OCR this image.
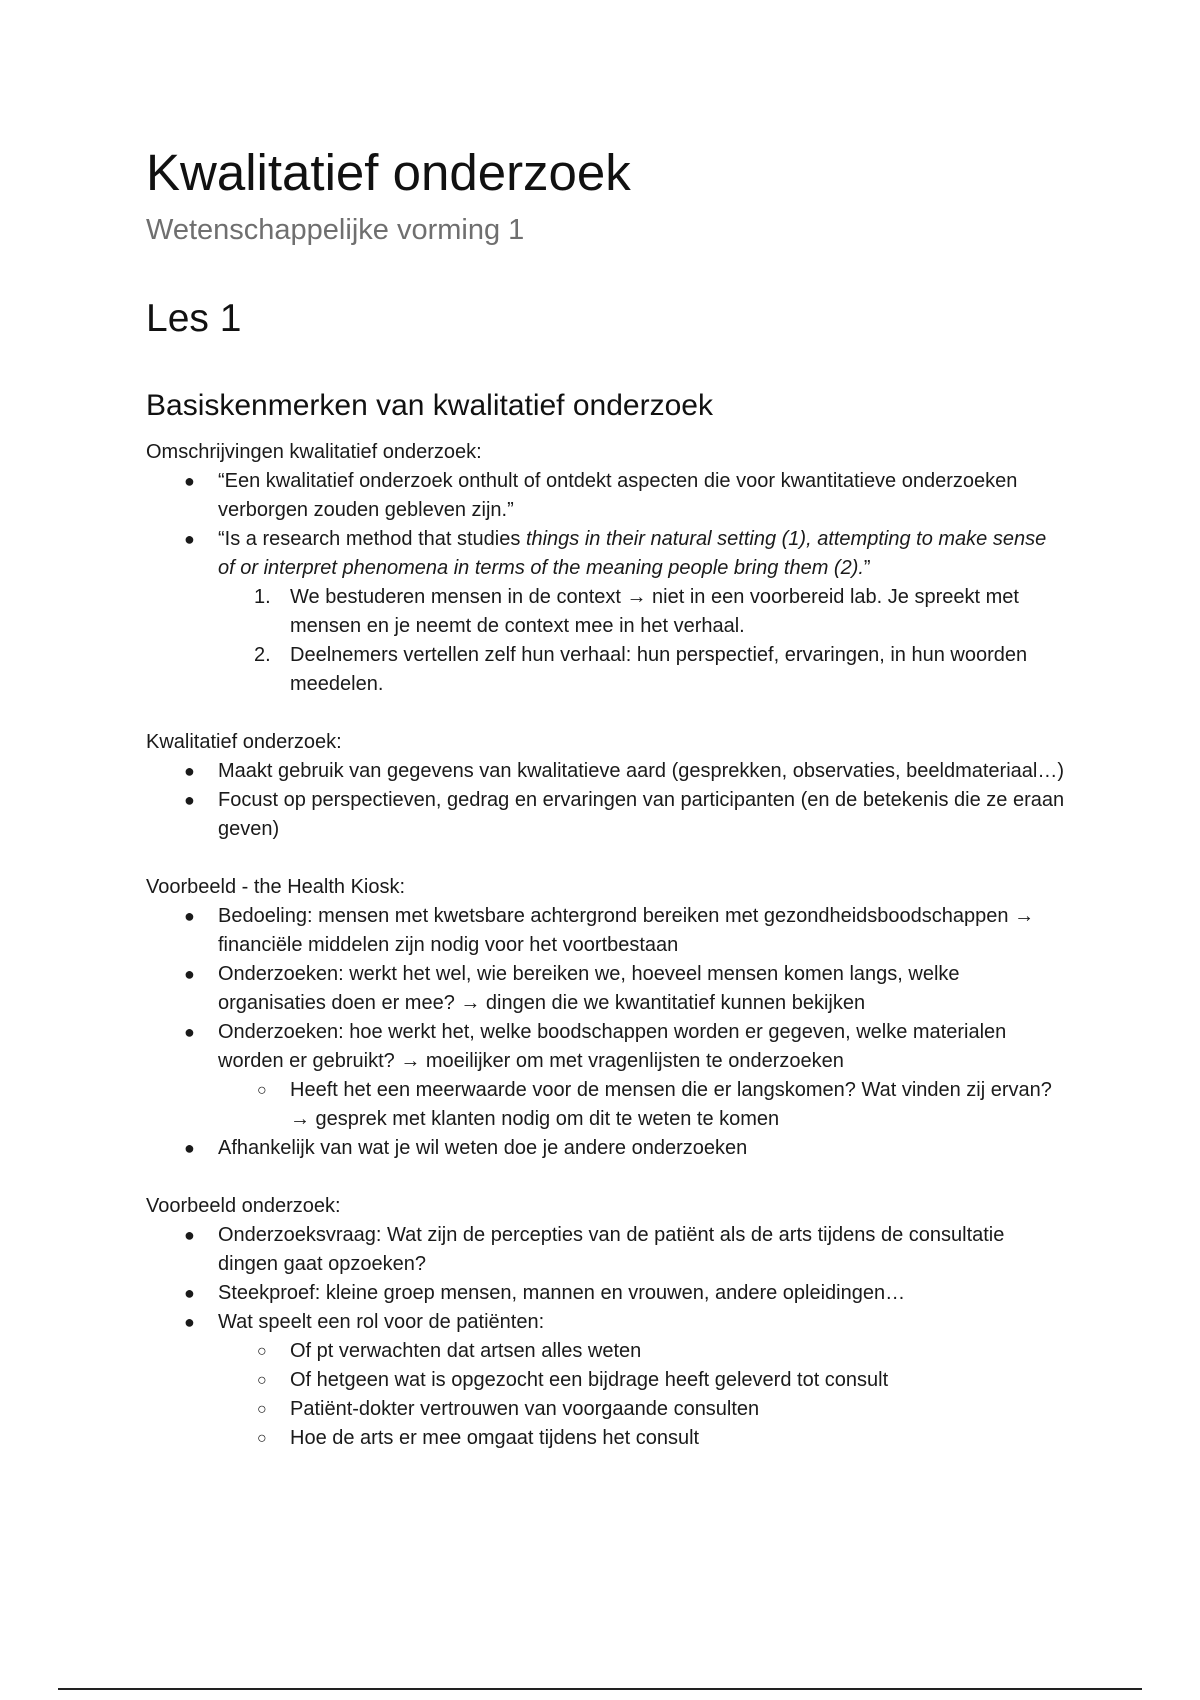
Kwalitatief onderzoek
Wetenschappelijke vorming 1
Les 1
Basiskenmerken van kwalitatief onderzoek
Omschrijvingen kwalitatief onderzoek:
● “Een kwalitatief onderzoek onthult of ontdekt aspecten die voor kwantitatieve onderzoeken verborgen zouden gebleven zijn.”
● “Is a research method that studies things in their natural setting (1), attempting to make sense of or interpret phenomena in terms of the meaning people bring them (2).”
1. We bestuderen mensen in de context → niet in een voorbereid lab. Je spreekt met mensen en je neemt de context mee in het verhaal.
2. Deelnemers vertellen zelf hun verhaal: hun perspectief, ervaringen, in hun woorden meedelen.
Kwalitatief onderzoek:
● Maakt gebruik van gegevens van kwalitatieve aard (gesprekken, observaties, beeldmateriaal…)
● Focust op perspectieven, gedrag en ervaringen van participanten (en de betekenis die ze eraan geven)
Voorbeeld - the Health Kiosk:
● Bedoeling: mensen met kwetsbare achtergrond bereiken met gezondheidsboodschappen → financiële middelen zijn nodig voor het voortbestaan
● Onderzoeken: werkt het wel, wie bereiken we, hoeveel mensen komen langs, welke organisaties doen er mee? → dingen die we kwantitatief kunnen bekijken
● Onderzoeken: hoe werkt het, welke boodschappen worden er gegeven, welke materialen worden er gebruikt? → moeilijker om met vragenlijsten te onderzoeken
○ Heeft het een meerwaarde voor de mensen die er langskomen? Wat vinden zij ervan? → gesprek met klanten nodig om dit te weten te komen
● Afhankelijk van wat je wil weten doe je andere onderzoeken
Voorbeeld onderzoek:
● Onderzoeksvraag: Wat zijn de percepties van de patiënt als de arts tijdens de consultatie dingen gaat opzoeken?
● Steekproef: kleine groep mensen, mannen en vrouwen, andere opleidingen…
● Wat speelt een rol voor de patiënten:
○ Of pt verwachten dat artsen alles weten
○ Of hetgeen wat is opgezocht een bijdrage heeft geleverd tot consult
○ Patiënt-dokter vertrouwen van voorgaande consulten
○ Hoe de arts er mee omgaat tijdens het consult
